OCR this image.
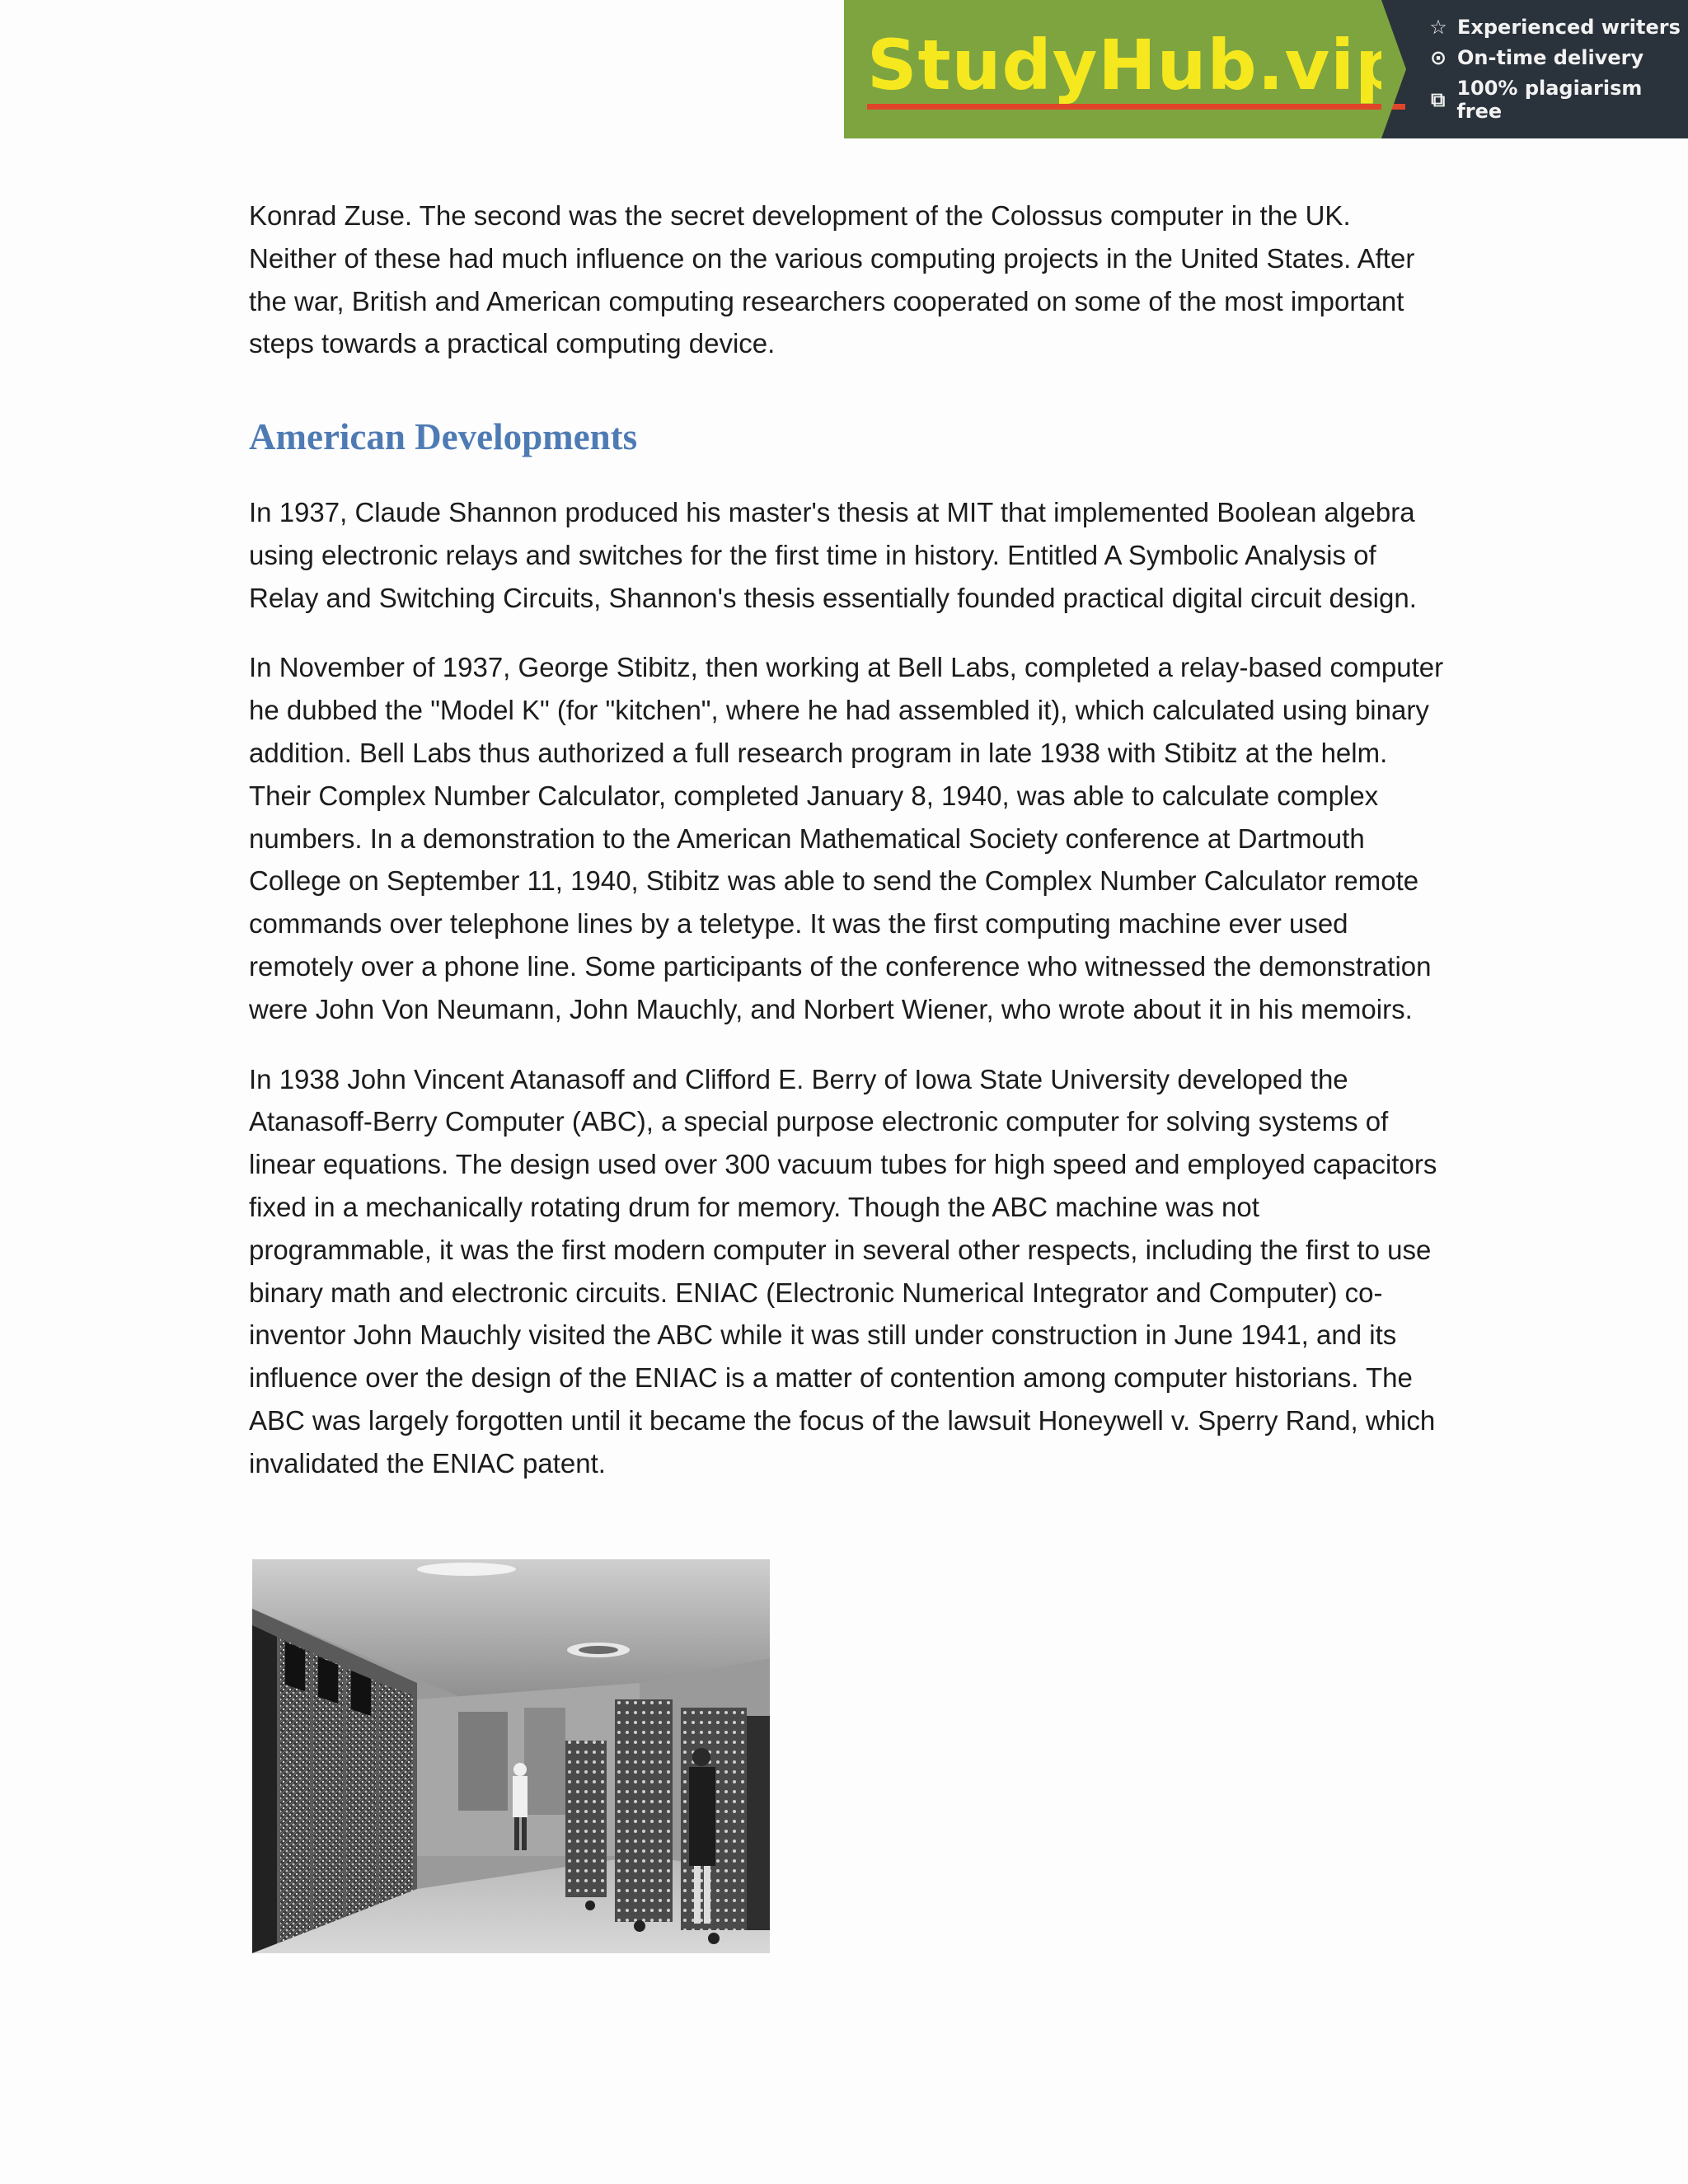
StudyHub.vip ☆ Experienced writers
⊙ On-time delivery
⧉ 100% plagiarism free

Konrad Zuse. The second was the secret development of the Colossus computer in the UK. Neither of these had much influence on the various computing projects in the United States. After the war, British and American computing researchers cooperated on some of the most important steps towards a practical computing device.

American Developments

In 1937, Claude Shannon produced his master's thesis at MIT that implemented Boolean algebra using electronic relays and switches for the first time in history. Entitled A Symbolic Analysis of Relay and Switching Circuits, Shannon's thesis essentially founded practical digital circuit design.

In November of 1937, George Stibitz, then working at Bell Labs, completed a relay-based computer he dubbed the "Model K" (for "kitchen", where he had assembled it), which calculated using binary addition. Bell Labs thus authorized a full research program in late 1938 with Stibitz at the helm. Their Complex Number Calculator, completed January 8, 1940, was able to calculate complex numbers. In a demonstration to the American Mathematical Society conference at Dartmouth College on September 11, 1940, Stibitz was able to send the Complex Number Calculator remote commands over telephone lines by a teletype. It was the first computing machine ever used remotely over a phone line. Some participants of the conference who witnessed the demonstration were John Von Neumann, John Mauchly, and Norbert Wiener, who wrote about it in his memoirs.

In 1938 John Vincent Atanasoff and Clifford E. Berry of Iowa State University developed the Atanasoff-Berry Computer (ABC), a special purpose electronic computer for solving systems of linear equations. The design used over 300 vacuum tubes for high speed and employed capacitors fixed in a mechanically rotating drum for memory. Though the ABC machine was not programmable, it was the first modern computer in several other respects, including the first to use binary math and electronic circuits. ENIAC (Electronic Numerical Integrator and Computer) co-inventor John Mauchly visited the ABC while it was still under construction in June 1941, and its influence over the design of the ENIAC is a matter of contention among computer historians. The ABC was largely forgotten until it became the focus of the lawsuit Honeywell v. Sperry Rand, which invalidated the ENIAC patent.
